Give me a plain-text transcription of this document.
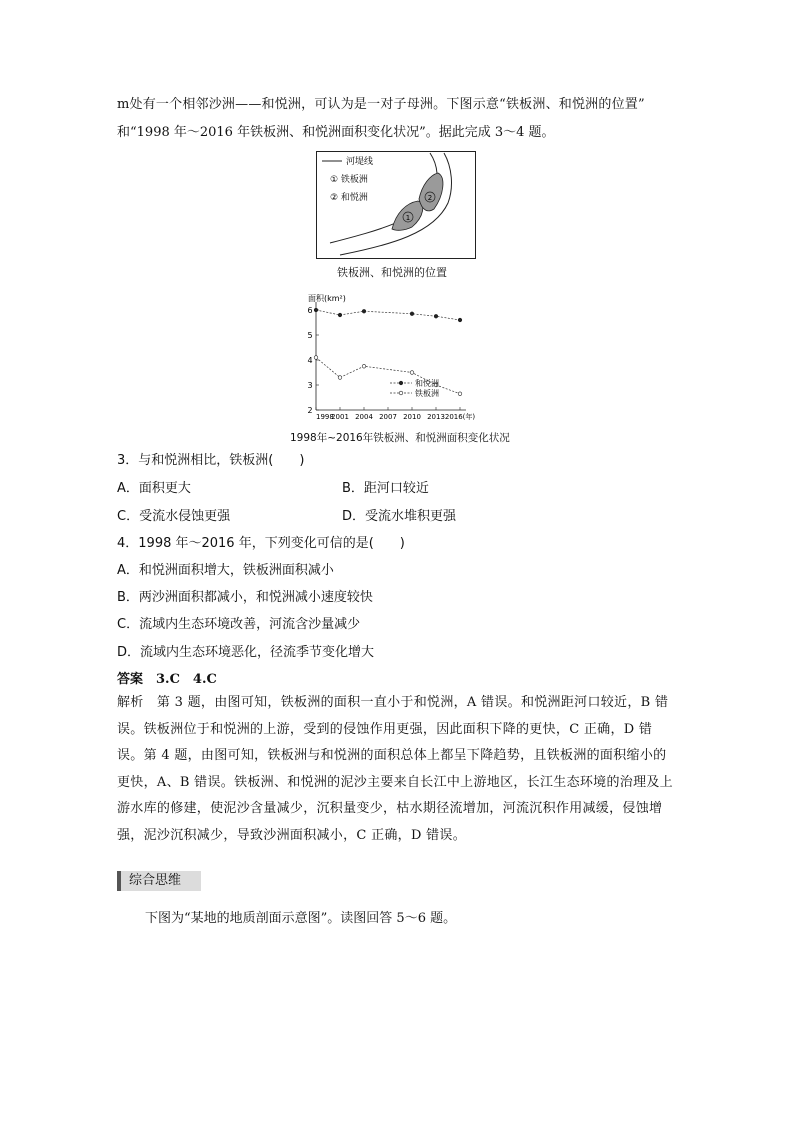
m处有一个相邻沙洲——和悦洲，可认为是一对子母洲。下图示意“铁板洲、和悦洲的位置”
和“1998 年～2016 年铁板洲、和悦洲面积变化状况”。据此完成 3～4 题。
河堤线
① 铁板洲
② 和悦洲
1
2
铁板洲、和悦洲的位置
面积(km²)
2
3
4
5
6
1998
2001 2004 2007 2010 2013 2016(年)
和悦洲
铁板洲
1998年~2016年铁板洲、和悦洲面积变化状况
3．与和悦洲相比，铁板洲(　　)
A．面积更大	B．距河口较近
C．受流水侵蚀更强	D．受流水堆积更强
4．1998 年～2016 年，下列变化可信的是(　　)
A．和悦洲面积增大，铁板洲面积减小
B．两沙洲面积都减小，和悦洲减小速度较快
C．流域内生态环境改善，河流含沙量减少
D．流域内生态环境恶化，径流季节变化增大
答案　3.C　4.C
解析　第 3 题，由图可知，铁板洲的面积一直小于和悦洲，A 错误。和悦洲距河口较近，B 错误。铁板洲位于和悦洲的上游，受到的侵蚀作用更强，因此面积下降的更快，C 正确，D 错误。第 4 题，由图可知，铁板洲与和悦洲的面积总体上都呈下降趋势，且铁板洲的面积缩小的更快，A、B 错误。铁板洲、和悦洲的泥沙主要来自长江中上游地区，长江生态环境的治理及上游水库的修建，使泥沙含量减少，沉积量变少，枯水期径流增加，河流沉积作用减缓，侵蚀增强，泥沙沉积减少，导致沙洲面积减小，C 正确，D 错误。
综合思维
下图为“某地的地质剖面示意图”。读图回答 5～6 题。
